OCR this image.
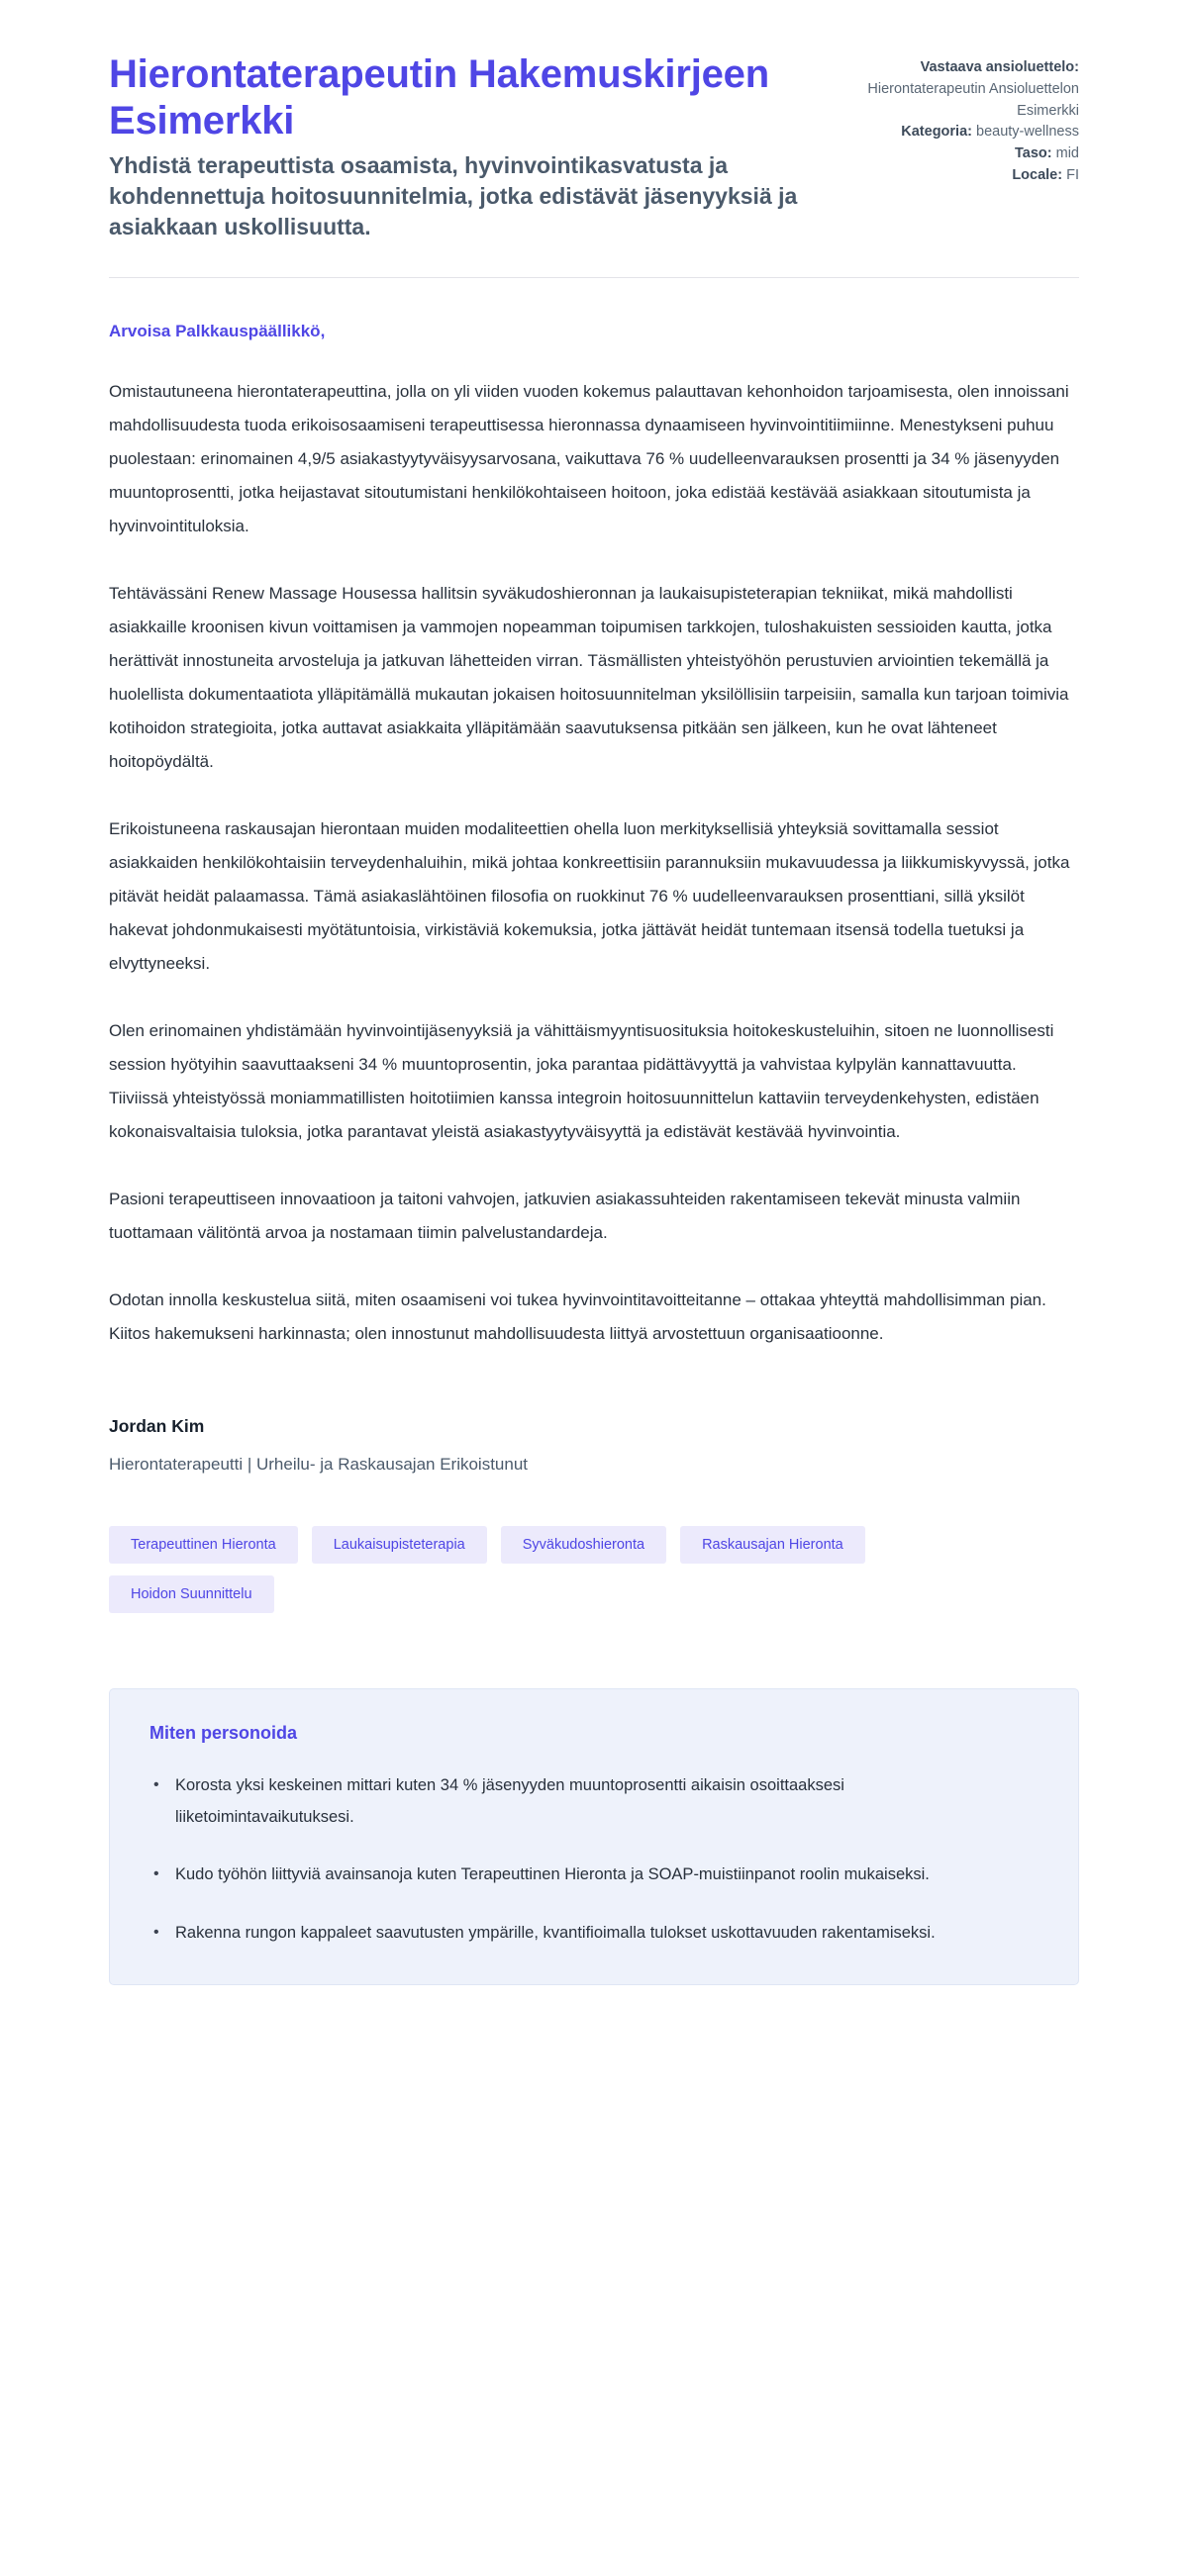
Hierontaterapeutin Hakemuskirjeen Esimerkki

Yhdistä terapeuttista osaamista, hyvinvointikasvatusta ja kohdennettuja hoitosuunnitelmia, jotka edistävät jäsenyyksiä ja asiakkaan uskollisuutta.

Vastaava ansioluettelo: Hierontaterapeutin Ansioluettelon Esimerkki
Kategoria: beauty-wellness
Taso: mid
Locale: FI

Arvoisa Palkkauspäällikkö,

Omistautuneena hierontaterapeuttina, jolla on yli viiden vuoden kokemus palauttavan kehonhoidon tarjoamisesta, olen innoissani mahdollisuudesta tuoda erikoisosaamiseni terapeuttisessa hieronnassa dynaamiseen hyvinvointitiimiinne. Menestykseni puhuu puolestaan: erinomainen 4,9/5 asiakastyytyväisyysarvosana, vaikuttava 76 % uudelleenvarauksen prosentti ja 34 % jäsenyyden muuntoprosentti, jotka heijastavat sitoutumistani henkilökohtaiseen hoitoon, joka edistää kestävää asiakkaan sitoutumista ja hyvinvointituloksia.

Tehtävässäni Renew Massage Housessa hallitsin syväkudoshieronnan ja laukaisupisteterapian tekniikat, mikä mahdollisti asiakkaille kroonisen kivun voittamisen ja vammojen nopeamman toipumisen tarkkojen, tuloshakuisten sessioiden kautta, jotka herättivät innostuneita arvosteluja ja jatkuvan lähetteiden virran. Täsmällisten yhteistyöhön perustuvien arviointien tekemällä ja huolellista dokumentaatiota ylläpitämällä mukautan jokaisen hoitosuunnitelman yksilöllisiin tarpeisiin, samalla kun tarjoan toimivia kotihoidon strategioita, jotka auttavat asiakkaita ylläpitämään saavutuksensa pitkään sen jälkeen, kun he ovat lähteneet hoitopöydältä.

Erikoistuneena raskausajan hierontaan muiden modaliteettien ohella luon merkityksellisiä yhteyksiä sovittamalla sessiot asiakkaiden henkilökohtaisiin terveydenhaluihin, mikä johtaa konkreettisiin parannuksiin mukavuudessa ja liikkumiskyvyssä, jotka pitävät heidät palaamassa. Tämä asiakaslähtöinen filosofia on ruokkinut 76 % uudelleenvarauksen prosenttiani, sillä yksilöt hakevat johdonmukaisesti myötätuntoisia, virkistäviä kokemuksia, jotka jättävät heidät tuntemaan itsensä todella tuetuksi ja elvyttyneeksi.

Olen erinomainen yhdistämään hyvinvointijäsenyyksiä ja vähittäismyyntisuosituksia hoitokeskusteluihin, sitoen ne luonnollisesti session hyötyihin saavuttaakseni 34 % muuntoprosentin, joka parantaa pidättävyyttä ja vahvistaa kylpylän kannattavuutta. Tiiviissä yhteistyössä moniammatillisten hoitotiimien kanssa integroin hoitosuunnittelun kattaviin terveydenkehysten, edistäen kokonaisvaltaisia tuloksia, jotka parantavat yleistä asiakastyytyväisyyttä ja edistävät kestävää hyvinvointia.

Pasioni terapeuttiseen innovaatioon ja taitoni vahvojen, jatkuvien asiakassuhteiden rakentamiseen tekevät minusta valmiin tuottamaan välitöntä arvoa ja nostamaan tiimin palvelustandardeja.

Odotan innolla keskustelua siitä, miten osaamiseni voi tukea hyvinvointitavoitteitanne – ottakaa yhteyttä mahdollisimman pian. Kiitos hakemukseni harkinnasta; olen innostunut mahdollisuudesta liittyä arvostettuun organisaatioonne.

Jordan Kim

Hierontaterapeutti | Urheilu- ja Raskausajan Erikoistunut

Terapeuttinen Hieronta	Laukaisupisteterapia	Syväkudoshieronta	Raskausajan Hieronta
Hoidon Suunnittelu

Miten personoida

• Korosta yksi keskeinen mittari kuten 34 % jäsenyyden muuntoprosentti aikaisin osoittaaksesi liiketoimintavaikutuksesi.
• Kudo työhön liittyviä avainsanoja kuten Terapeuttinen Hieronta ja SOAP-muistiinpanot roolin mukaiseksi.
• Rakenna rungon kappaleet saavutusten ympärille, kvantifioimalla tulokset uskottavuuden rakentamiseksi.
